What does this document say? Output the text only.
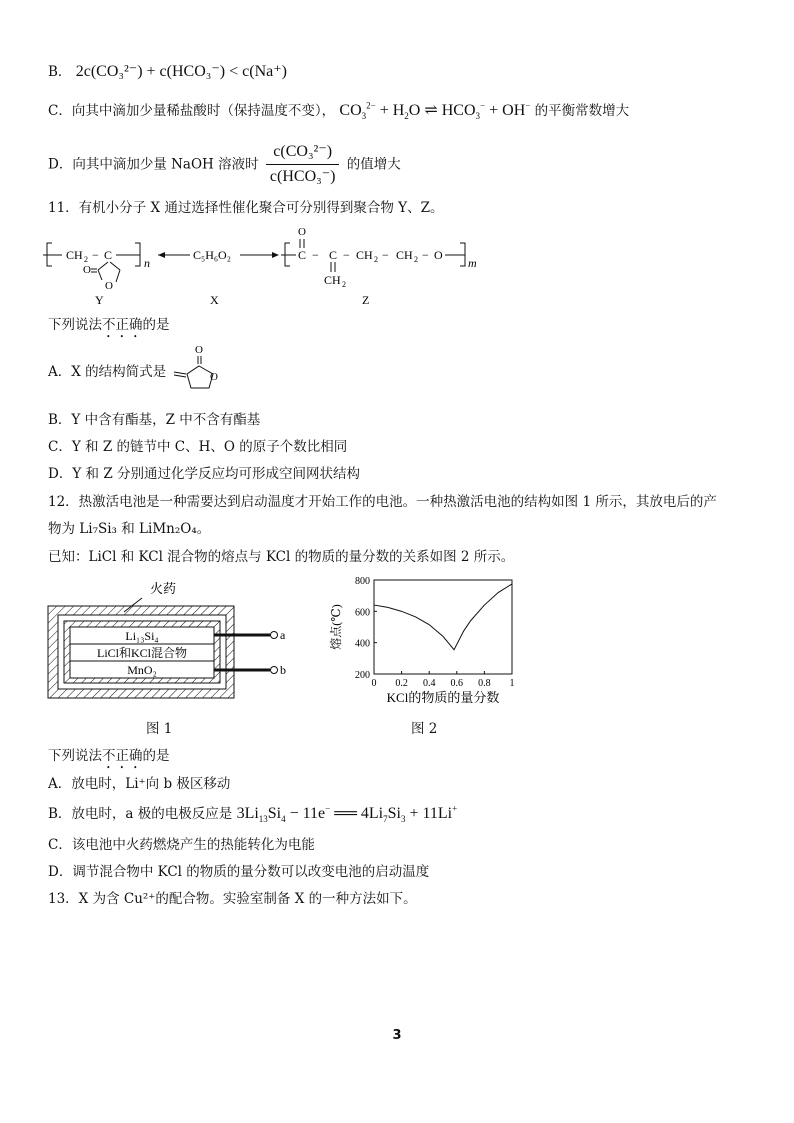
B． 2c(CO₃²⁻) + c(HCO₃⁻) < c(Na⁺)
C．向其中滴加少量稀盐酸时（保持温度不变）， $CO_3^{2-} + H_2O$ ⇌ $HCO_3^- + OH^-$ 的平衡常数增大
D．向其中滴加少量 NaOH 溶液时 $\frac{\text{c(CO₃²⁻)}}{\text{c(HCO₃⁻)}}$ 的值增大
11．有机小分子 X 通过选择性催化聚合可分别得到聚合物 Y、Z。
CH 2 − C
n
O
O
C₅H₆O₂	C
O
− C
CH 2
− CH 2 − CH 2 − O
m
Y	X	Z
下列说法不正确的是
A．X 的结构简式是
O
O
B．Y 中含有酯基，Z 中不含有酯基
C．Y 和 Z 的链节中 C、H、O 的原子个数比相同
D．Y 和 Z 分别通过化学反应均可形成空间网状结构
12．热激活电池是一种需要达到启动温度才开始工作的电池。一种热激活电池的结构如图 1 所示，其放电后的产
物为 Li₇Si₃ 和 LiMn₂O₄。
已知：LiCl 和 KCl 混合物的熔点与 KCl 的物质的量分数的关系如图 2 所示。
火药
Li₁₃Si₄
LiCl和KCl混合物
MnO₂
a
b
0 0.2 0.4 0.6 0.8 1
200
400
600
800
KCl的物质的量分数
熔点(℃)
图 1	图 2
下列说法不正确的是
A．放电时，Li⁺向 b 极区移动
B．放电时，a 极的电极反应是 $3Li_{13}Si_4 - 11e^-$ ══ $4Li_7Si_3 + 11Li^+$
C．该电池中火药燃烧产生的热能转化为电能
D．调节混合物中 KCl 的物质的量分数可以改变电池的启动温度
13．X 为含 Cu²⁺的配合物。实验室制备 X 的一种方法如下。
3
